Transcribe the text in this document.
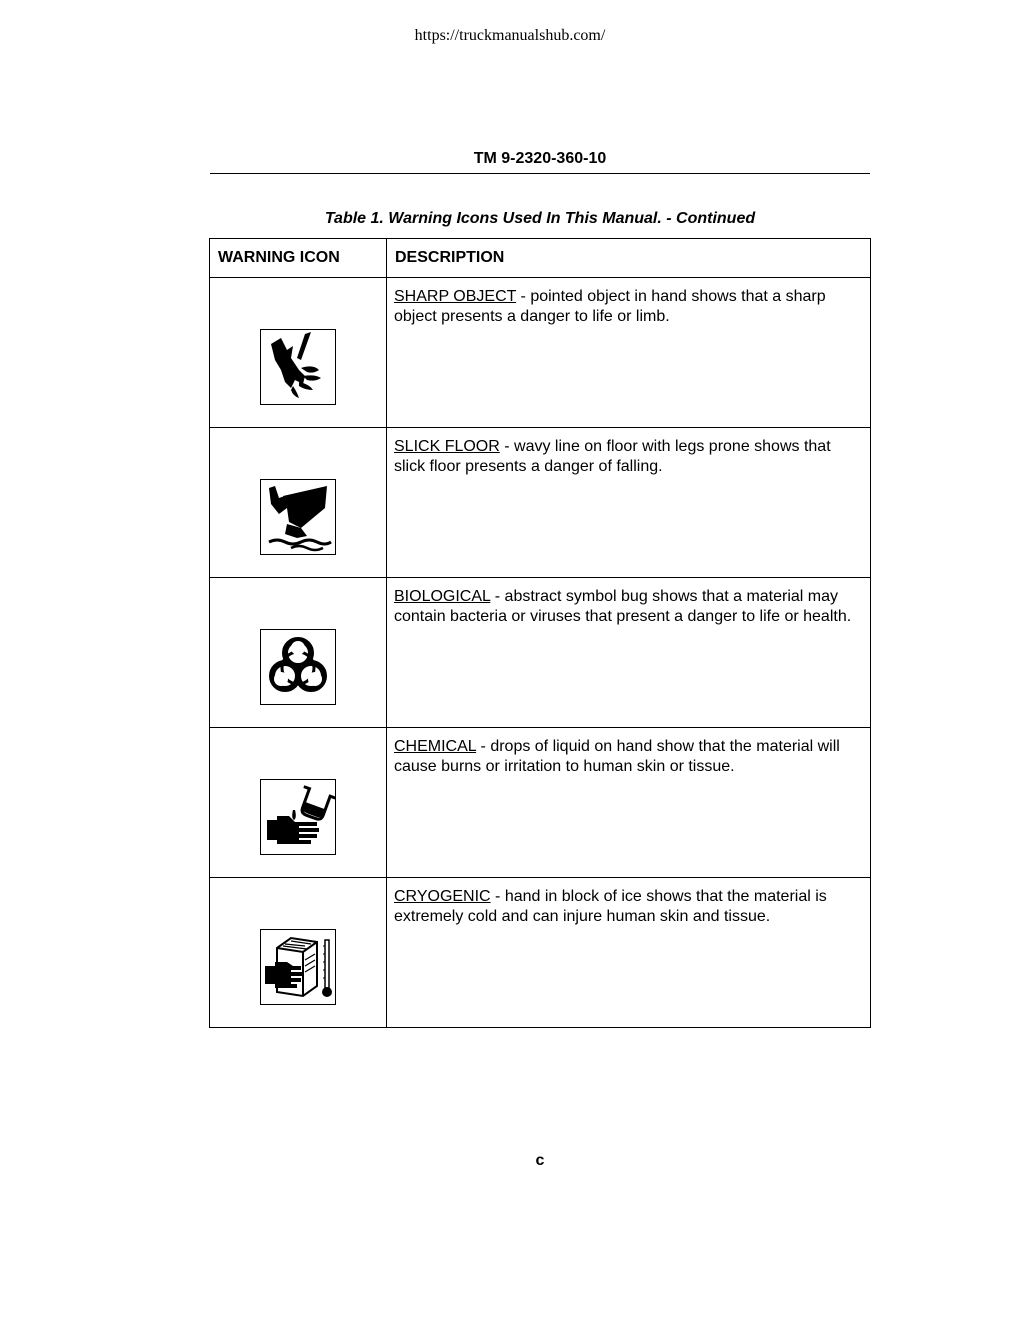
https://truckmanualshub.com/
TM 9-2320-360-10
Table 1. Warning Icons Used In This Manual. - Continued
WARNING ICON	DESCRIPTION

	SHARP OBJECT - pointed object in hand shows that a sharp object presents a danger to life or limb.

	SLICK FLOOR - wavy line on floor with legs prone shows that slick floor presents a danger of falling.

	BIOLOGICAL - abstract symbol bug shows that a material may contain bacteria or viruses that present a danger to life or health.

	CHEMICAL - drops of liquid on hand show that the material will cause burns or irritation to human skin or tissue.

	CRYOGENIC - hand in block of ice shows that the material is extremely cold and can injure human skin and tissue.
c
